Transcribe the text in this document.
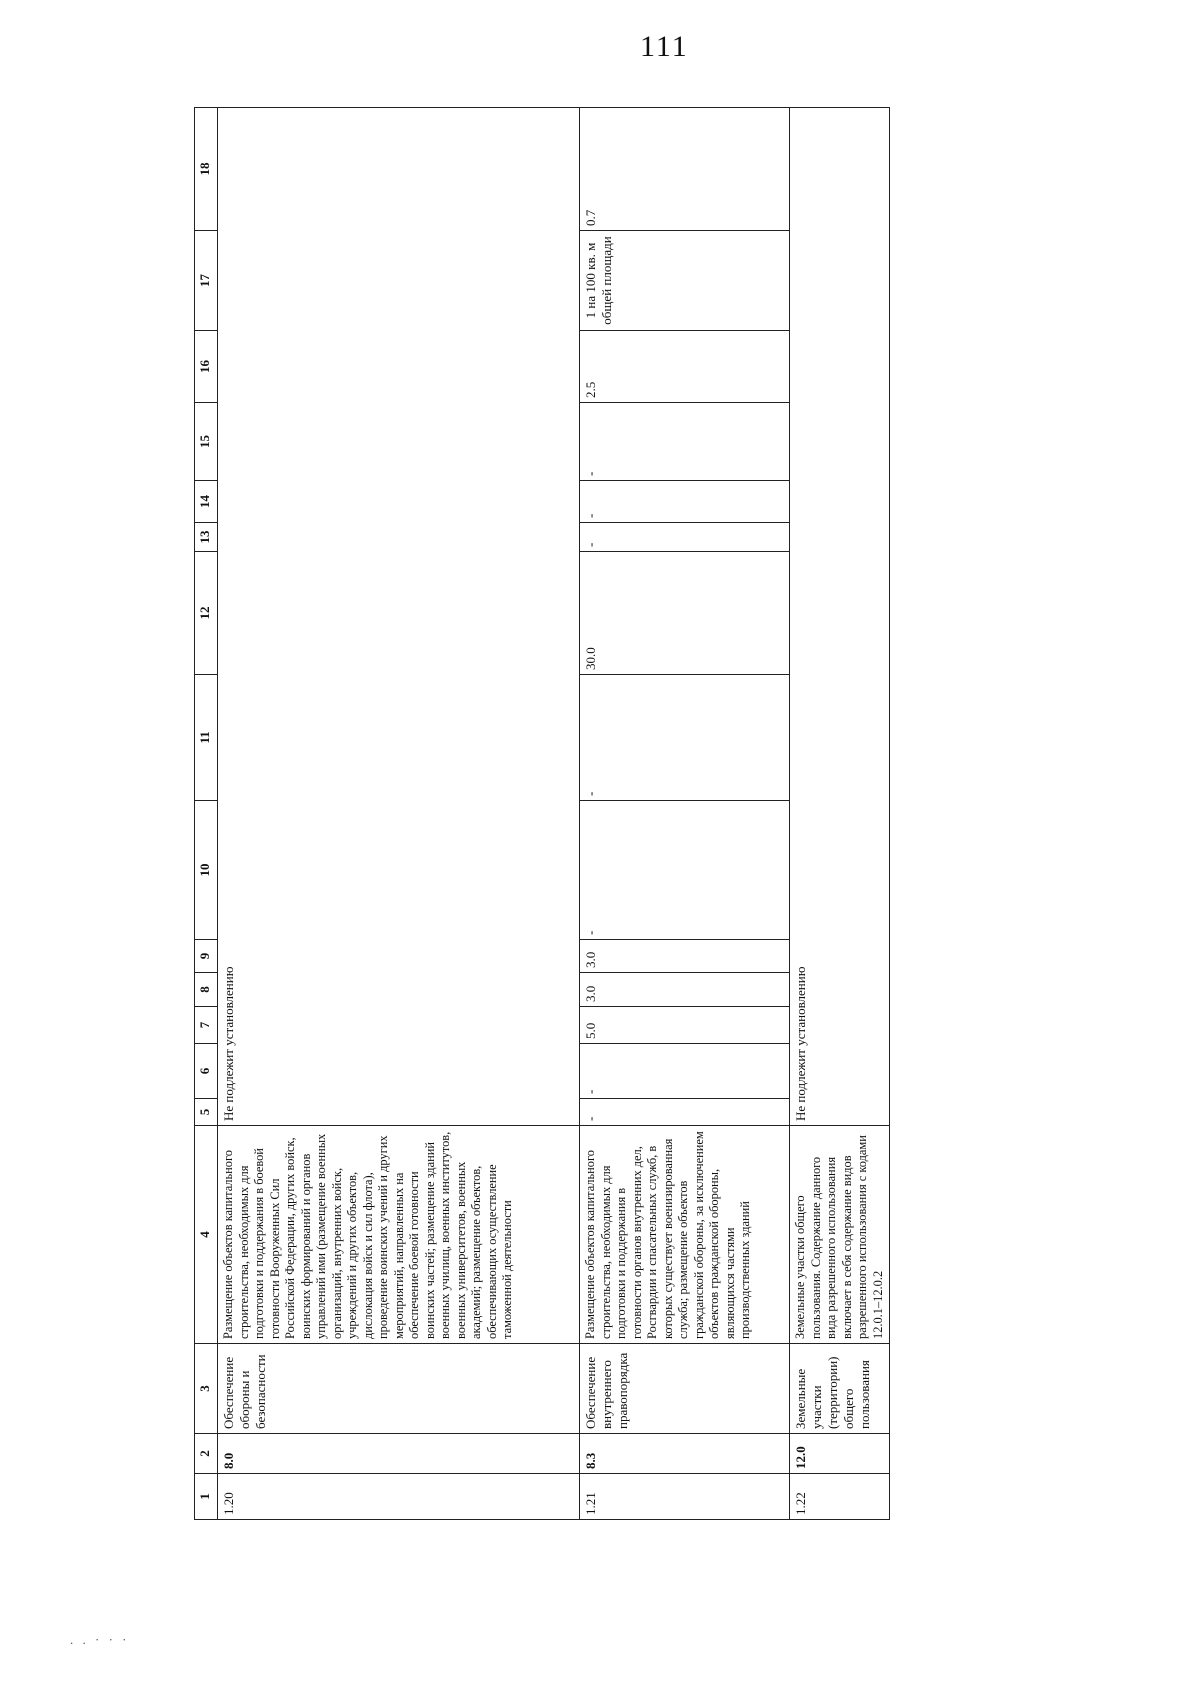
111
1	2	3	4	5	6	7	8	9	10	11	12	13	14	15	16	17	18
1.20	8.0	Обеспечение обороны и безопасности	Размещение объектов капитального строительства, необходимых для подготовки и поддержания в боевой готовности Вооруженных Сил Российской Федерации, других войск, воинских формирований и органов управлений ими (размещение военных организаций, внутренних войск, учреждений и других объектов, дислокация войск и сил флота), проведение воинских учений и других мероприятий, направленных на обеспечение боевой готовности воинских частей; размещение зданий военных училищ, военных институтов, военных университетов, военных академий; размещение объектов, обеспечивающих осуществление таможенной деятельности	Не подлежит установлению													
1.21	8.3	Обеспечение внутреннего правопорядка	Размещение объектов капитального строительства, необходимых для подготовки и поддержания в готовности органов внутренних дел, Росгвардии и спасательных служб, в которых существует военизированная служба; размещение объектов гражданской обороны, за исключением объектов гражданской обороны, являющихся частями производственных зданий	-	-	5.0	3.0	3.0	-	-	30.0	-	-	-	2.5	1 на 100 кв. м общей площади	0.7
1.22	12.0	Земельные участки (территории) общего пользования	Земельные участки общего пользования. Содержание данного вида разрешенного использования включает в себя содержание видов разрешенного использования с кодами 12.0.1–12.0.2	Не подлежит установлению													
. . · · ·
